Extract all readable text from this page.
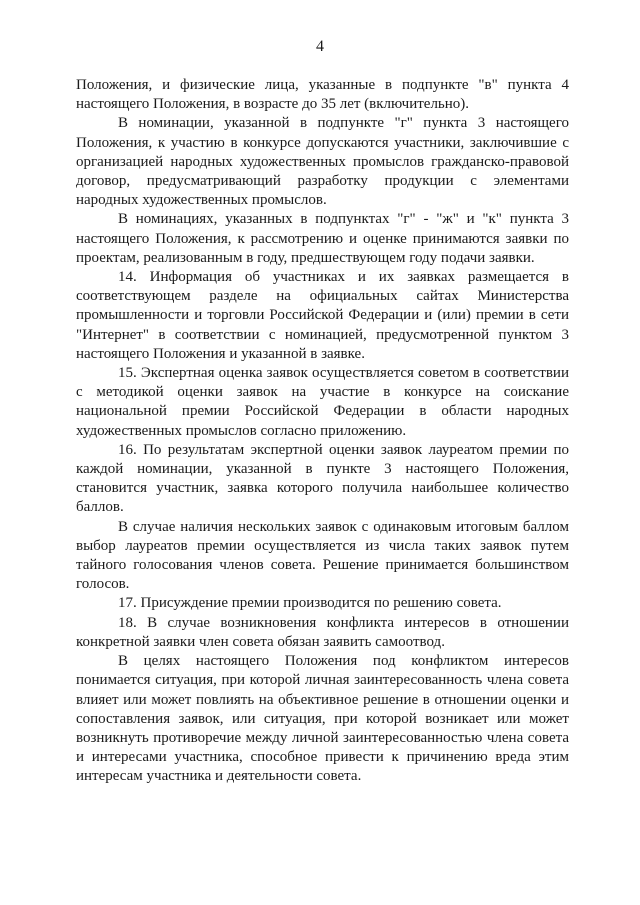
4

Положения, и физические лица, указанные в подпункте "в" пункта 4 настоящего Положения, в возрасте до 35 лет (включительно).

В номинации, указанной в подпункте "г" пункта 3 настоящего Положения, к участию в конкурсе допускаются участники, заключившие с организацией народных художественных промыслов гражданско-правовой договор, предусматривающий разработку продукции с элементами народных художественных промыслов.

В номинациях, указанных в подпунктах "г" - "ж" и "к" пункта 3 настоящего Положения, к рассмотрению и оценке принимаются заявки по проектам, реализованным в году, предшествующем году подачи заявки.

14. Информация об участниках и их заявках размещается в соответствующем разделе на официальных сайтах Министерства промышленности и торговли Российской Федерации и (или) премии в сети "Интернет" в соответствии с номинацией, предусмотренной пунктом 3 настоящего Положения и указанной в заявке.

15. Экспертная оценка заявок осуществляется советом в соответствии с методикой оценки заявок на участие в конкурсе на соискание национальной премии Российской Федерации в области народных художественных промыслов согласно приложению.

16. По результатам экспертной оценки заявок лауреатом премии по каждой номинации, указанной в пункте 3 настоящего Положения, становится участник, заявка которого получила наибольшее количество баллов.

В случае наличия нескольких заявок с одинаковым итоговым баллом выбор лауреатов премии осуществляется из числа таких заявок путем тайного голосования членов совета. Решение принимается большинством голосов.

17. Присуждение премии производится по решению совета.

18. В случае возникновения конфликта интересов в отношении конкретной заявки член совета обязан заявить самоотвод.

В целях настоящего Положения под конфликтом интересов понимается ситуация, при которой личная заинтересованность члена совета влияет или может повлиять на объективное решение в отношении оценки и сопоставления заявок, или ситуация, при которой возникает или может возникнуть противоречие между личной заинтересованностью члена совета и интересами участника, способное привести к причинению вреда этим интересам участника и деятельности совета.
